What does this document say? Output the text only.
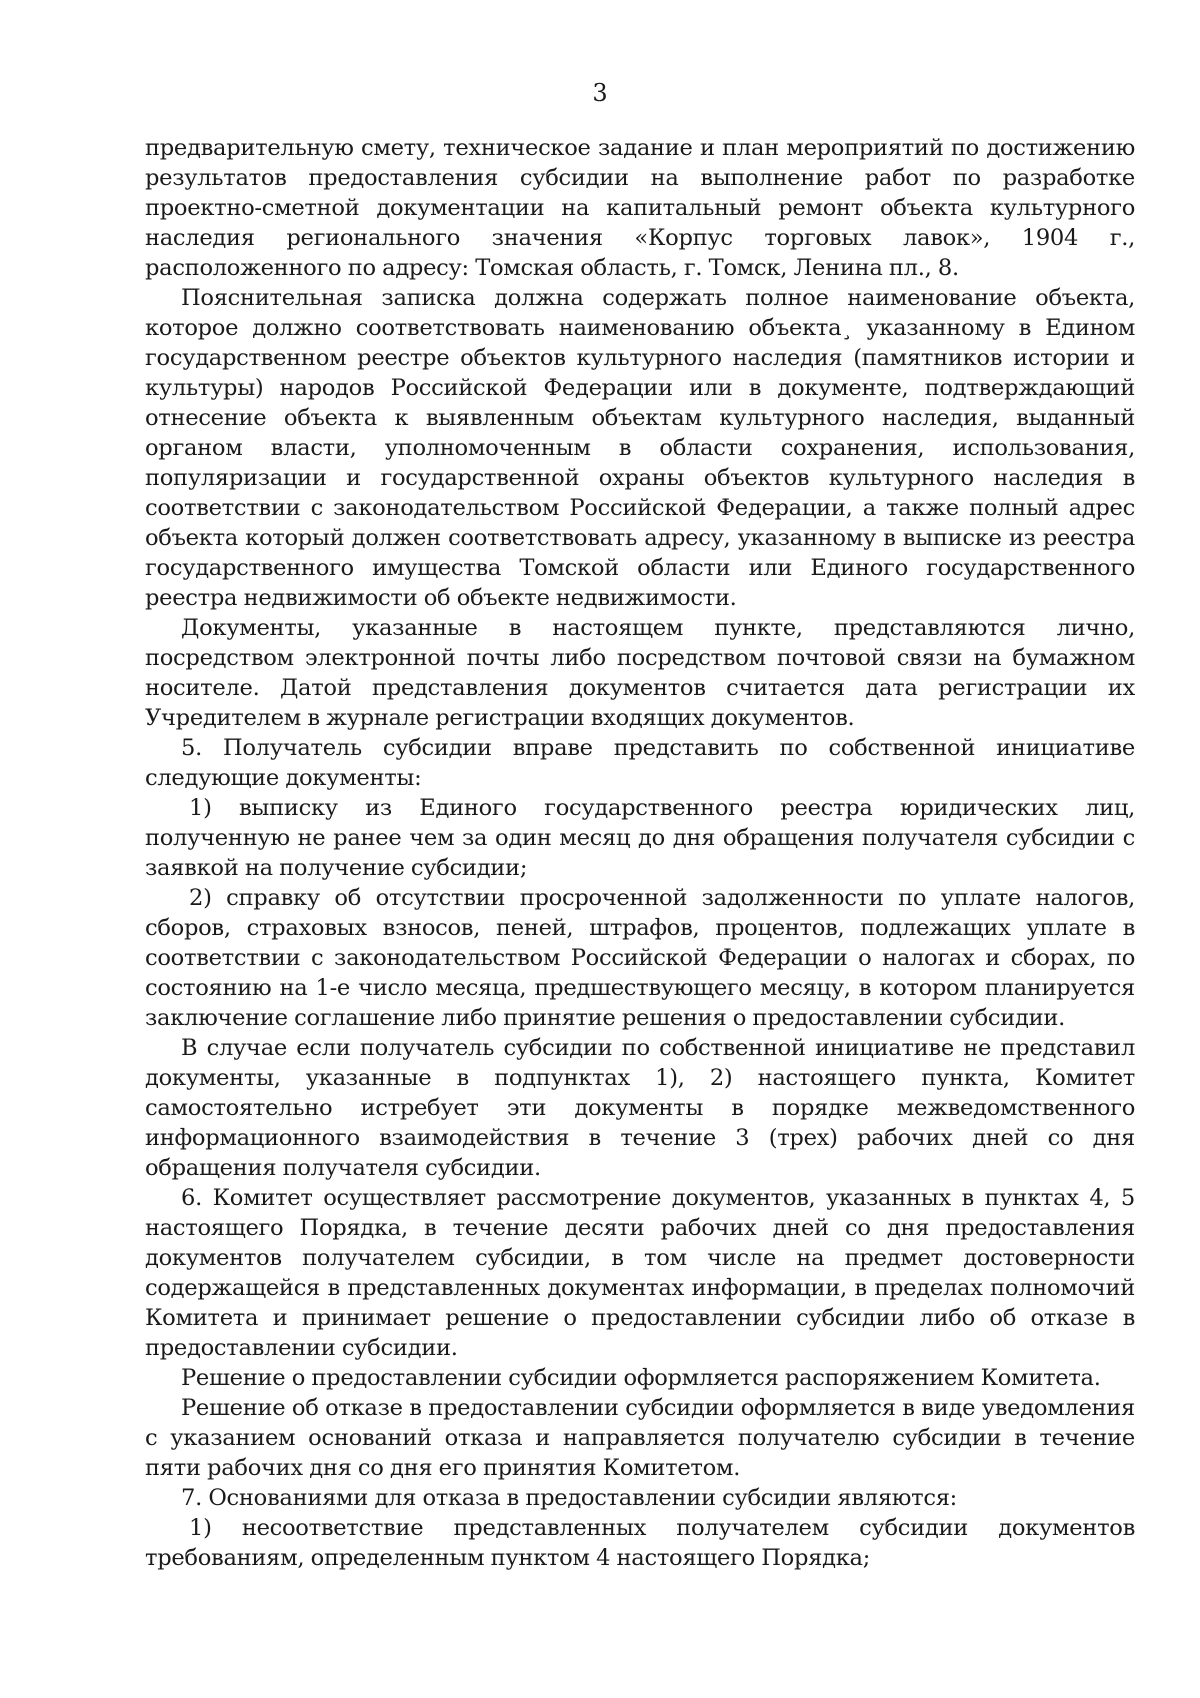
3

предварительную смету, техническое задание и план мероприятий по достижению результатов предоставления субсидии на выполнение работ по разработке проектно-сметной документации на капитальный ремонт объекта культурного наследия регионального значения «Корпус торговых лавок», 1904 г., расположенного по адресу: Томская область, г. Томск, Ленина пл., 8.

Пояснительная записка должна содержать полное наименование объекта, которое должно соответствовать наименованию объекта¸ указанному в Едином государственном реестре объектов культурного наследия (памятников истории и культуры) народов Российской Федерации или в документе, подтверждающий отнесение объекта к выявленным объектам культурного наследия, выданный органом власти, уполномоченным в области сохранения, использования, популяризации и государственной охраны объектов культурного наследия в соответствии с законодательством Российской Федерации, а также полный адрес объекта который должен соответствовать адресу, указанному в выписке из реестра государственного имущества Томской области или Единого государственного реестра недвижимости об объекте недвижимости.

Документы, указанные в настоящем пункте, представляются лично, посредством электронной почты либо посредством почтовой связи на бумажном носителе. Датой представления документов считается дата регистрации их Учредителем в журнале регистрации входящих документов.

5. Получатель субсидии вправе представить по собственной инициативе следующие документы:

1) выписку из Единого государственного реестра юридических лиц, полученную не ранее чем за один месяц до дня обращения получателя субсидии с заявкой на получение субсидии;

2) справку об отсутствии просроченной задолженности по уплате налогов, сборов, страховых взносов, пеней, штрафов, процентов, подлежащих уплате в соответствии с законодательством Российской Федерации о налогах и сборах, по состоянию на 1-е число месяца, предшествующего месяцу, в котором планируется заключение соглашение либо принятие решения о предоставлении субсидии.

В случае если получатель субсидии по собственной инициативе не представил документы, указанные в подпунктах 1), 2) настоящего пункта, Комитет самостоятельно истребует эти документы в порядке межведомственного информационного взаимодействия в течение 3 (трех) рабочих дней со дня обращения получателя субсидии.

6. Комитет осуществляет рассмотрение документов, указанных в пунктах 4, 5 настоящего Порядка, в течение десяти рабочих дней со дня предоставления документов получателем субсидии, в том числе на предмет достоверности содержащейся в представленных документах информации, в пределах полномочий Комитета и принимает решение о предоставлении субсидии либо об отказе в предоставлении субсидии.

Решение о предоставлении субсидии оформляется распоряжением Комитета.

Решение об отказе в предоставлении субсидии оформляется в виде уведомления с указанием оснований отказа и направляется получателю субсидии в течение пяти рабочих дня со дня его принятия Комитетом.

7. Основаниями для отказа в предоставлении субсидии являются:

1) несоответствие представленных получателем субсидии документов требованиям, определенным пунктом 4 настоящего Порядка;
